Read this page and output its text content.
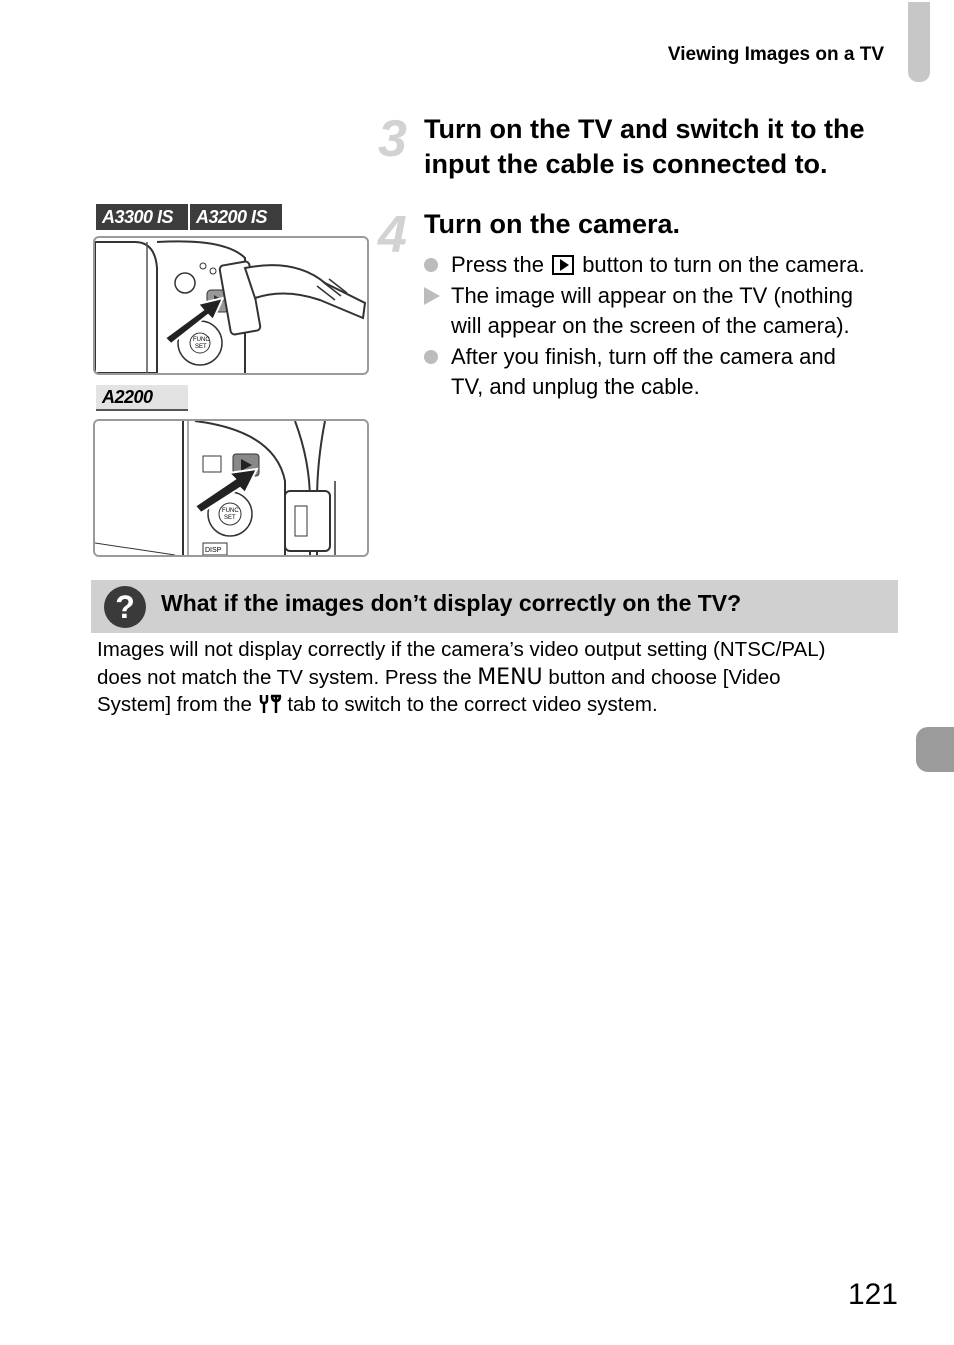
Viewing Images on a TV
3 Turn on the TV and switch it to the
input the cable is connected to.
4 Turn on the camera.
Press the button to turn on the camera.
The image will appear on the TV (nothing
will appear on the screen of the camera).
After you finish, turn off the camera and
TV, and unplug the cable.
A3300 IS	A3200 IS
FUNC
SET
A2200
FUNC
SET
DISP
?	What if the images don’t display correctly on the TV?
Images will not display correctly if the camera’s video output setting (NTSC/PAL)
does not match the TV system. Press the MENU button and choose [Video
System] from the tab to switch to the correct video system.
121
